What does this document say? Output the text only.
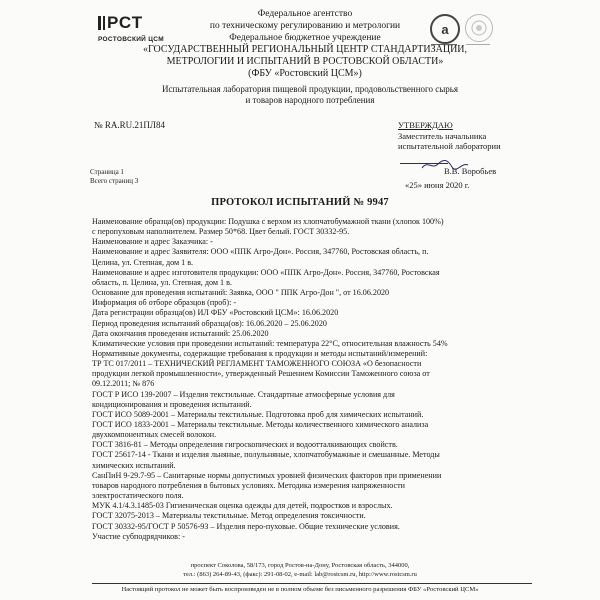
РСТ
РОСТОВСКИЙ ЦСМ
a
Федеральное агентство
по техническому регулированию и метрологии
Федеральное бюджетное учреждение
«ГОСУДАРСТВЕННЫЙ РЕГИОНАЛЬНЫЙ ЦЕНТР СТАНДАРТИЗАЦИИ,
МЕТРОЛОГИИ И ИСПЫТАНИЙ В РОСТОВСКОЙ ОБЛАСТИ»
(ФБУ «Ростовский ЦСМ»)
Испытательная лаборатория пищевой продукции, продовольственного сырья
и товаров народного потребления
№ RA.RU.21ПЛ84
Страница 1
Всего страниц 3
УТВЕРЖДАЮ
Заместитель начальника
испытательной лаборатории
В.В. Воробьев
«25» июня 2020 г.
ПРОТОКОЛ ИСПЫТАНИЙ № 9947
Наименование образца(ов) продукции: Подушка с верхом из хлопчатобумажной ткани (хлопок 100%)
с перопуховым наполнителем. Размер 50*68. Цвет белый. ГОСТ 30332-95.
Наименование и адрес Заказчика: -
Наименование и адрес Заявителя: ООО «ППК Агро-Дон». Россия, 347760, Ростовская область, п.
Целина, ул. Степная, дом 1 в.
Наименование и адрес изготовителя продукции: ООО «ППК Агро-Дон». Россия, 347760, Ростовская
область, п. Целина, ул. Степная, дом 1 в.
Основание для проведения испытаний: Заявка, ООО " ППК Агро-Дон ", от 16.06.2020
Информация об отборе образцов (проб): -
Дата регистрации образца(ов) ИЛ ФБУ «Ростовский ЦСМ»: 16.06.2020
Период проведения испытаний образца(ов): 16.06.2020 – 25.06.2020
Дата окончания проведения испытаний: 25.06.2020
Климатические условия при проведении испытаний: температура 22°С, относительная влажность 54%
Нормативные документы, содержащие требования к продукции и методы испытаний/измерений:
ТР ТС 017/2011 – ТЕХНИЧЕСКИЙ РЕГЛАМЕНТ ТАМОЖЕННОГО СОЮЗА «О безопасности
продукции легкой промышленности», утвержденный Решением Комиссии Таможенного союза от
09.12.2011; № 876
ГОСТ Р ИСО 139-2007 – Изделия текстильные. Стандартные атмосферные условия для
кондиционирования и проведения испытаний.
ГОСТ ИСО 5089-2001 – Материалы текстильные. Подготовка проб для химических испытаний.
ГОСТ ИСО 1833-2001 – Материалы текстильные. Методы количественного химического анализа
двухкомпонентных смесей волокон.
ГОСТ 3816-81 – Методы определения гигроскопических и водоотталкивающих свойств.
ГОСТ 25617-14 - Ткани и изделия льняные, полульняные, хлопчатобумажные и смешанные. Методы
химических испытаний.
СанПиН 9-29.7-95 – Санитарные нормы допустимых уровней физических факторов при применении
товаров народного потребления в бытовых условиях. Методика измерения напряженности
электростатического поля.
МУК 4.1/4.3.1485-03 Гигиеническая оценка одежды для детей, подростков и взрослых.
ГОСТ 32075-2013 – Материалы текстильные. Метод определения токсичности.
ГОСТ 30332-95/ГОСТ Р 50576-93 – Изделия перо-пуховые. Общие технические условия.
Участие субподрядчиков: -
проспект Соколова, 58/173, город Ростов-на-Дону, Ростовская область, 344000,
тел.: (863) 264-89-43, (факс): 291-08-02, e-mail: lab@rostcsm.ru, http://www.rostcsm.ru
Настоящий протокол не может быть воспроизведен не в полном объеме без письменного разрешения ФБУ «Ростовский ЦСМ»
